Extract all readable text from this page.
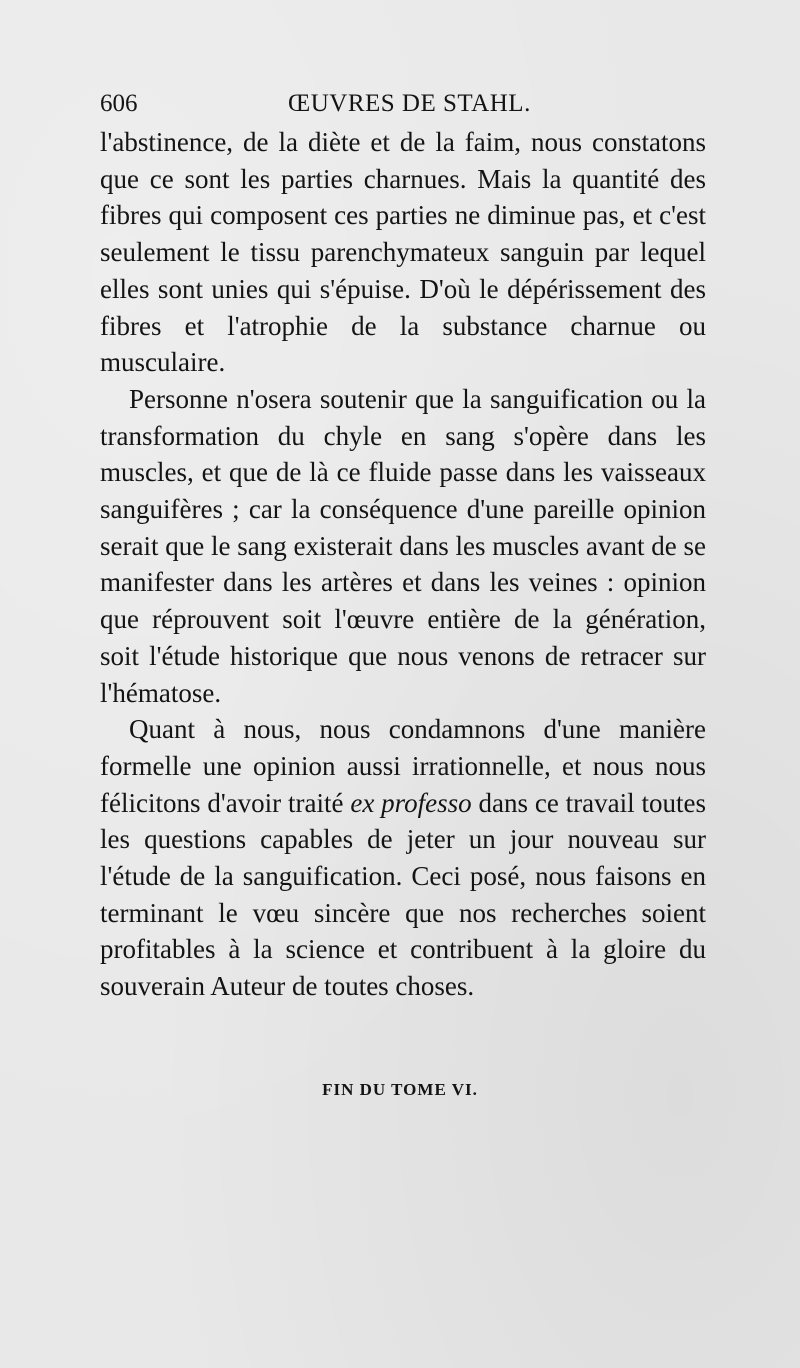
606	ŒUVRES DE STAHL.

l'abstinence, de la diète et de la faim, nous constatons que ce sont les parties charnues. Mais la quantité des fibres qui composent ces parties ne diminue pas, et c'est seulement le tissu parenchymateux sanguin par lequel elles sont unies qui s'épuise. D'où le dépérissement des fibres et l'atrophie de la substance charnue ou musculaire.

Personne n'osera soutenir que la sanguification ou la transformation du chyle en sang s'opère dans les muscles, et que de là ce fluide passe dans les vaisseaux sanguifères ; car la conséquence d'une pareille opinion serait que le sang existerait dans les muscles avant de se manifester dans les artères et dans les veines : opinion que réprouvent soit l'œuvre entière de la génération, soit l'étude historique que nous venons de retracer sur l'hématose.

Quant à nous, nous condamnons d'une manière formelle une opinion aussi irrationnelle, et nous nous félicitons d'avoir traité ex professo dans ce travail toutes les questions capables de jeter un jour nouveau sur l'étude de la sanguification. Ceci posé, nous faisons en terminant le vœu sincère que nos recherches soient profitables à la science et contribuent à la gloire du souverain Auteur de toutes choses.

FIN DU TOME VI.
